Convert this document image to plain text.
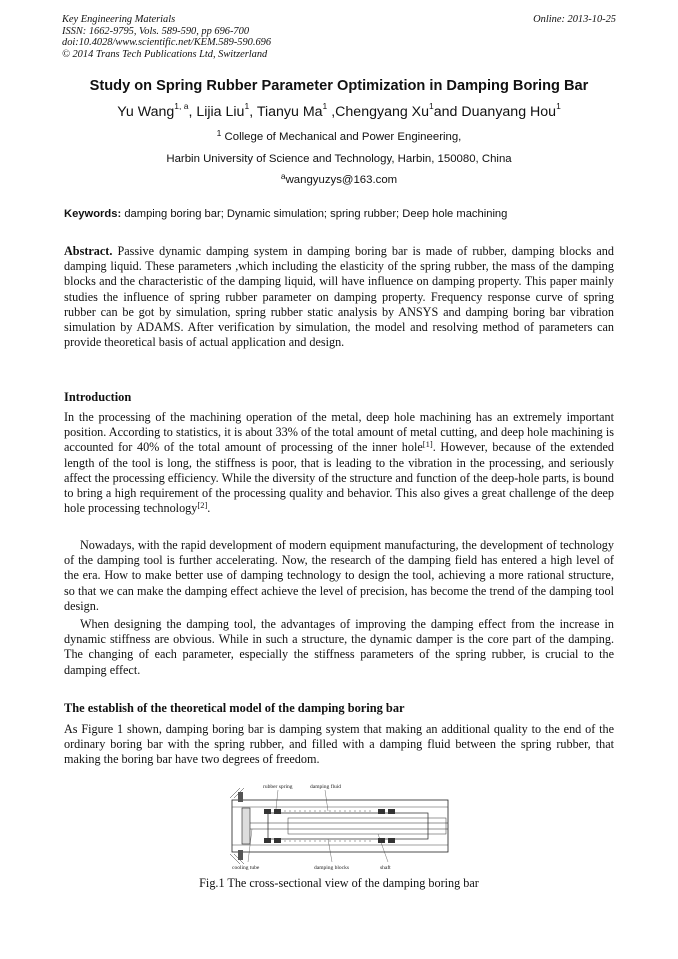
Key Engineering Materials
ISSN: 1662-9795, Vols. 589-590, pp 696-700
doi:10.4028/www.scientific.net/KEM.589-590.696
© 2014 Trans Tech Publications Ltd, Switzerland
Online: 2013-10-25
Study on Spring Rubber Parameter Optimization in Damping Boring Bar
Yu Wang$^{1, a}$, Lijia Liu$^1$, Tianyu Ma$^1$ ,Chengyang Xu$^1$and Duanyang Hou$^1$
$^1$ College of Mechanical and Power Engineering,
Harbin University of Science and Technology, Harbin, 150080, China
$^a$wangyuzys@163.com
Keywords: damping boring bar; Dynamic simulation; spring rubber; Deep hole machining
Abstract. Passive dynamic damping system in damping boring bar is made of rubber, damping blocks and damping liquid. These parameters ,which including the elasticity of the spring rubber, the mass of the damping blocks and the characteristic of the damping liquid, will have influence on damping property. This paper mainly studies the influence of spring rubber parameter on damping property. Frequency response curve of spring rubber can be got by simulation, spring rubber static analysis by ANSYS and damping boring bar vibration simulation by ADAMS. After verification by simulation, the model and resolving method of parameters can provide theoretical basis of actual application and design.
Introduction
In the processing of the machining operation of the metal, deep hole machining has an extremely important position. According to statistics, it is about 33% of the total amount of metal cutting, and deep hole machining is accounted for 40% of the total amount of processing of the inner hole[1]. However, because of the extended length of the tool is long, the stiffness is poor, that is leading to the vibration in the processing, and seriously affect the processing efficiency. While the diversity of the structure and function of the deep-hole parts, is bound to bring a high requirement of the processing quality and behavior. This also gives a great challenge of the deep hole processing technology[2].
Nowadays, with the rapid development of modern equipment manufacturing, the development of technology of the damping tool is further accelerating. Now, the research of the damping field has entered a high level of the era. How to make better use of damping technology to design the tool, achieving a more rational structure, so that we can make the damping effect achieve the level of precision, has become the trend of the damping tool design.
When designing the damping tool, the advantages of improving the damping effect from the increase in dynamic stiffness are obvious. While in such a structure, the dynamic damper is the core part of the damping. The changing of each parameter, especially the stiffness parameters of the spring rubber, is crucial to the damping effect.
The establish of the theoretical model of the damping boring bar
As Figure 1 shown, damping boring bar is damping system that making an additional quality to the end of the ordinary boring bar with the spring rubber, and filled with a damping fluid between the spring rubber, that making the boring bar have two degrees of freedom.
rubber spring	damping fluid
cooling tube	damping blocks	shaft
Fig.1 The cross-sectional view of the damping boring bar
